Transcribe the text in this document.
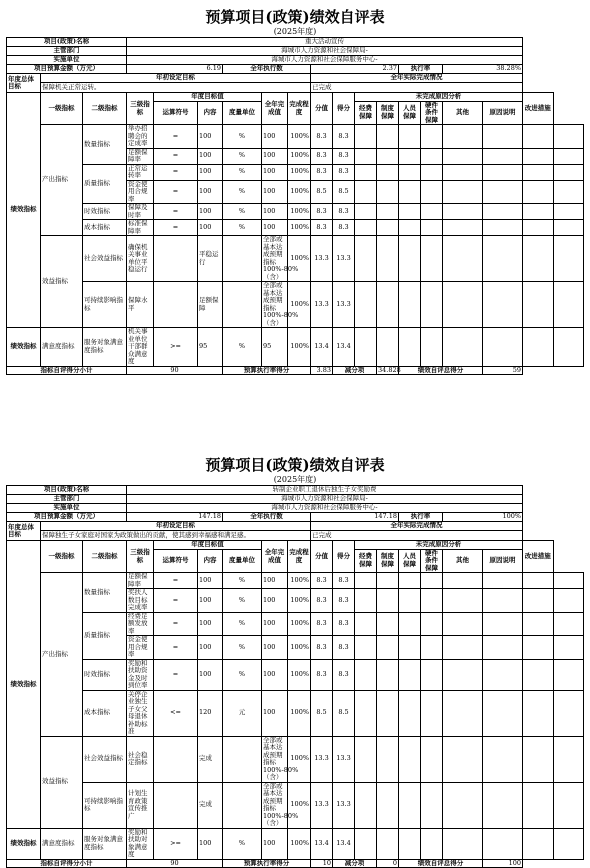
预算项目(政策)绩效自评表
(2025年度)
项目(政策)名称			重大活动宣传															
主管部门			海城市人力资源和社会保障局-															
实施单位			海城市人力资源和社会保障服务中心-															
项目预算金额（万元）			6.19			全年执行数			2.37				执行率		38.28%			
年度总体目标	年初设定目标								全年实际完成情况									
	保障机关正常运转。								已完成									
绩效指标	一级指标	二级指标	三级指标	年度目标值			全年完成值	完成程度	分值	得分	未完成原因分析						改进措施	
				运算符号	内容	度量单位					经费保障	制度保障	人员保障	硬件条件保障	其他	原因说明		
	产出指标	数量指标	举办招聘会的定成率	=	100	%	100	100%	8.3	8.3								
			足额保障率	=	100	%	100	100%	8.3	8.3								
		质量指标	正常运转率	=	100	%	100	100%	8.3	8.3								
			资金使用合规率	=	100	%	100	100%	8.5	8.5								
		时效指标	保障及时率	=	100	%	100	100%	8.3	8.3								
		成本指标	标准保障率	=	100	%	100	100%	8.3	8.3								
	效益指标	社会效益指标	确保机关事业单位平稳运行		平稳运行		全部或基本达成预期指标100%-80%（含）	100%	13.3	13.3								
		可持续影响指标	保障水平		足额保障		全部或基本达成预期指标100%-80%（含）	100%	13.3	13.3								
绩效指标	满意度指标	服务对象满意度指标	机关事业单位干部群众满意度	>=	95	%	95	100%	13.4	13.4								
指标自评得分小计			90			预算执行率得分			3.83	减分项		34.828	绩效自评总得分			59		
预算项目(政策)绩效自评表
(2025年度)
项目(政策)名称			转制企业职工退休后独生子女奖励费															
主管部门			海城市人力资源和社会保障局-															
实施单位			海城市人力资源和社会保障服务中心-															
项目预算金额（万元）			147.18			全年执行数			147.18				执行率		100%			
年度总体目标	年初设定目标								全年实际完成情况									
	保障独生子女家庭对国家为政策做出的贡献，使其感到幸福感和满足感。								已完成									
绩效指标	一级指标	二级指标	三级指标	年度目标值			全年完成值	完成程度	分值	得分	未完成原因分析						改进措施	
				运算符号	内容	度量单位					经费保障	制度保障	人员保障	硬件条件保障	其他	原因说明		
	产出指标	数量指标	足额保障率	=	100	%	100	100%	8.3	8.3								
			奖扶人数目标完成率	=	100	%	100	100%	8.3	8.3								
		质量指标	经费足额发放率	=	100	%	100	100%	8.3	8.3								
			资金使用合规率	=	100	%	100	100%	8.3	8.3								
		时效指标	奖励和扶助资金及时到位率	=	100	%	100	100%	8.3	8.3								
		成本指标	关停企业独生子女父母退休补助标准	<=	120	元	100	100%	8.5	8.5								
	效益指标	社会效益指标	社会稳定指标		完成		全部或基本达成预期指标100%-80%（含）	100%	13.3	13.3								
		可持续影响指标	计划生育政策宣传推广		完成		全部或基本达成预期指标100%-80%（含）	100%	13.3	13.3								
绩效指标	满意度指标	服务对象满意度指标	奖励和扶助对象满意度	>=	100	%	100	100%	13.4	13.4								
指标自评得分小计			90			预算执行率得分			10	减分项		0	绩效自评总得分			100		
